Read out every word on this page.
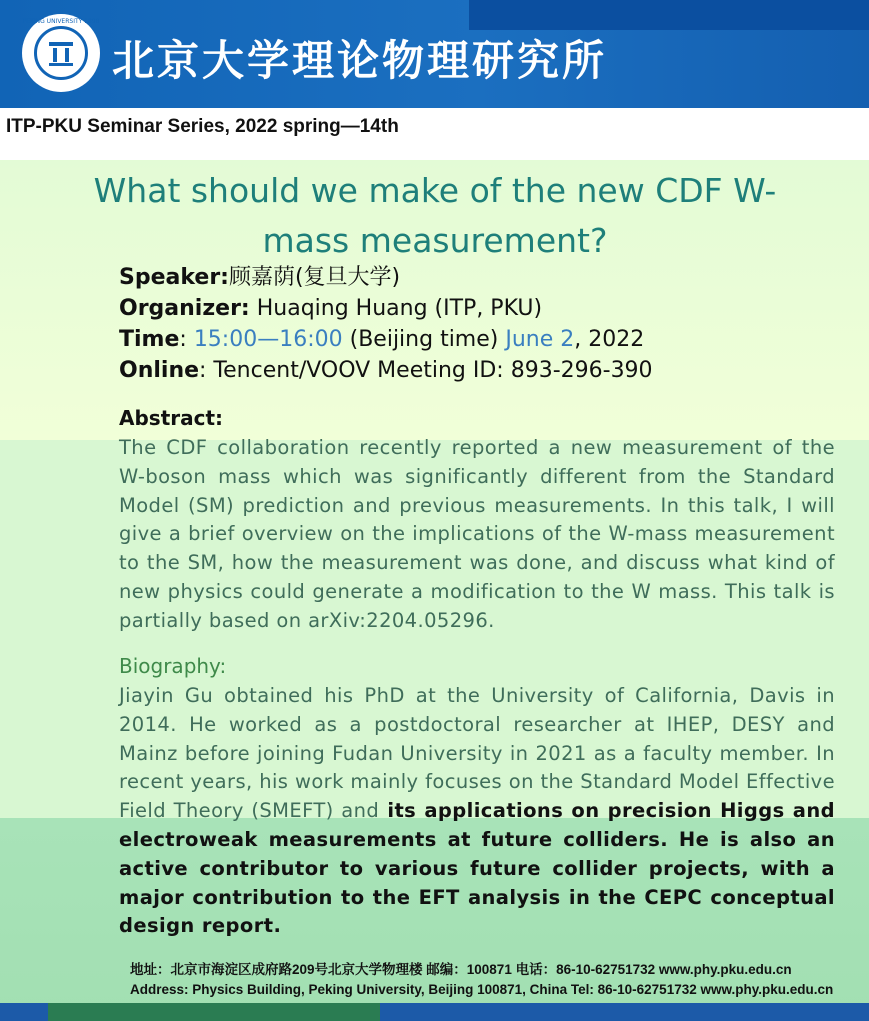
PEKING UNIVERSITY 1898
北京大学理论物理研究所
ITP-PKU Seminar Series, 2022 spring—14th
What should we make of the new CDF W-mass measurement?
Speaker:顾嘉荫(复旦大学)
Organizer: Huaqing Huang (ITP, PKU)
Time: 15:00—16:00 (Beijing time) June 2, 2022
Online: Tencent/VOOV Meeting ID: 893-296-390
Abstract:
The CDF collaboration recently reported a new measurement of the W-boson mass which was significantly different from the Standard Model (SM) prediction and previous measurements. In this talk, I will give a brief overview on the implications of the W-mass measurement to the SM, how the measurement was done, and discuss what kind of new physics could generate a modification to the W mass. This talk is partially based on arXiv:2204.05296.
Biography:
Jiayin Gu obtained his PhD at the University of California, Davis in 2014. He worked as a postdoctoral researcher at IHEP, DESY and Mainz before joining Fudan University in 2021 as a faculty member. In recent years, his work mainly focuses on the Standard Model Effective Field Theory (SMEFT) and its applications on precision Higgs and electroweak measurements at future colliders. He is also an active contributor to various future collider projects, with a major contribution to the EFT analysis in the CEPC conceptual design report.
地址：北京市海淀区成府路209号北京大学物理楼 邮编：100871 电话：86-10-62751732 www.phy.pku.edu.cn
Address: Physics Building, Peking University, Beijing 100871, China Tel: 86-10-62751732 www.phy.pku.edu.cn
